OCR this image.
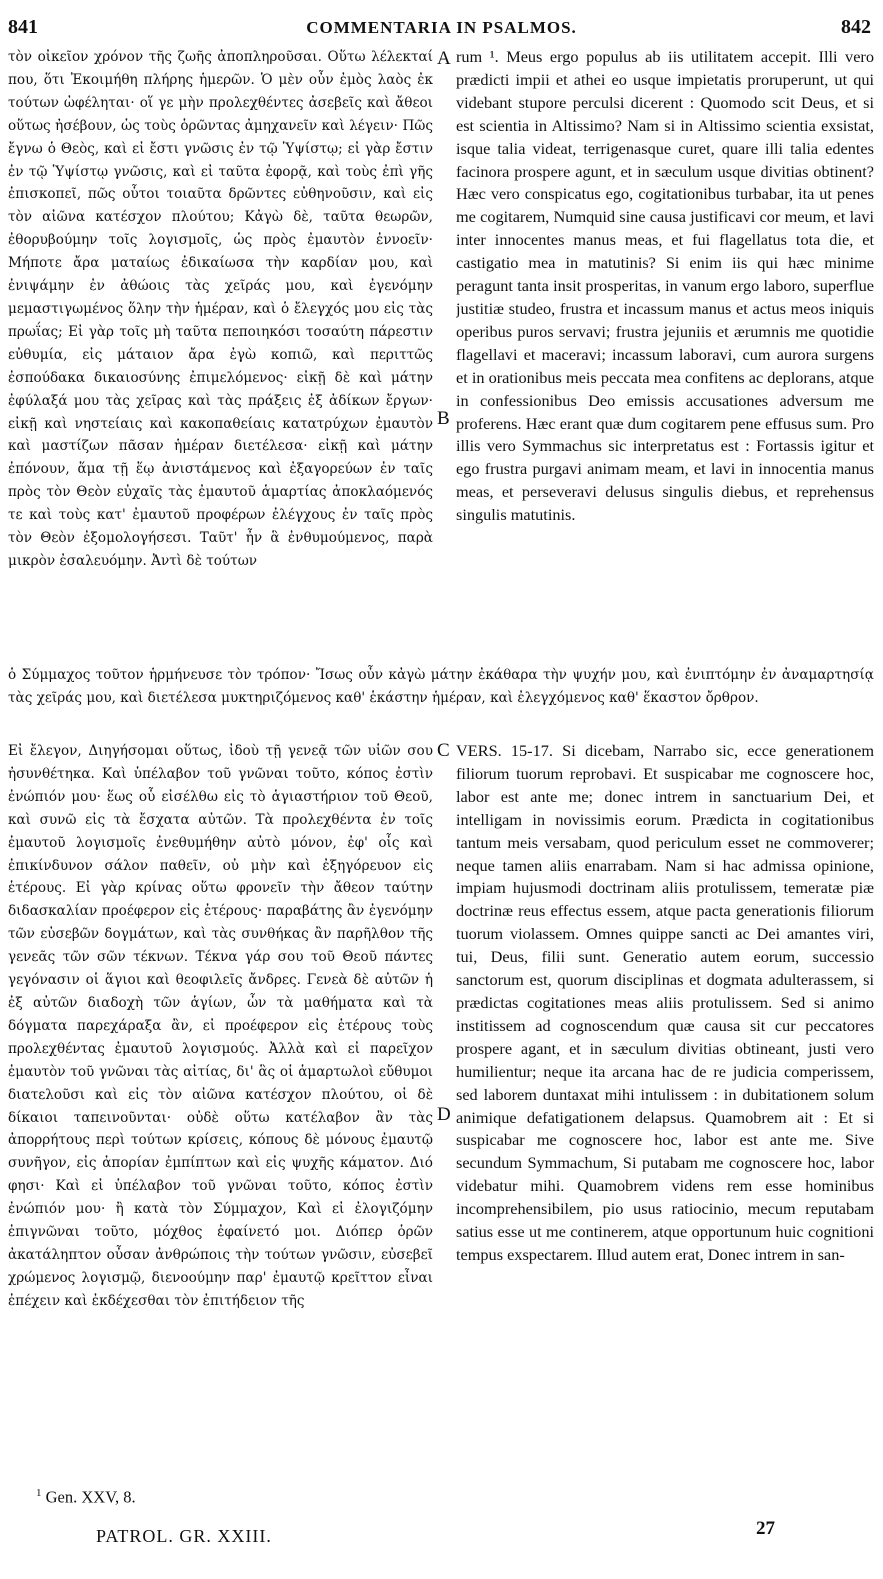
841	COMMENTARIA IN PSALMOS.	842

τὸν οἰκεῖον χρόνον τῆς ζωῆς ἀποπληροῦσαι. Οὕτω λέλεκταί που, ὅτι Ἐκοιμήθη πλήρης ἡμερῶν. Ὁ μὲν οὖν ἐμὸς λαὸς ἐκ τούτων ὠφέληται· οἵ γε μὴν προλεχθέντες ἀσεβεῖς καὶ ἄθεοι οὕτως ἠσέβουν, ὡς τοὺς ὁρῶντας ἀμηχανεῖν καὶ λέγειν· Πῶς ἔγνω ὁ Θεὸς, καὶ εἰ ἔστι γνῶσις ἐν τῷ Ὑψίστῳ; εἰ γὰρ ἔστιν ἐν τῷ Ὑψίστῳ γνῶσις, καὶ εἰ ταῦτα ἐφορᾷ, καὶ τοὺς ἐπὶ γῆς ἐπισκοπεῖ, πῶς οὗτοι τοιαῦτα δρῶντες εὐθηνοῦσιν, καὶ εἰς τὸν αἰῶνα κατέσχον πλούτου; Κἀγὼ δὲ, ταῦτα θεωρῶν, ἐθορυβούμην τοῖς λογισμοῖς, ὡς πρὸς ἐμαυτὸν ἐννοεῖν· Μήποτε ἄρα ματαίως ἐδικαίωσα τὴν καρδίαν μου, καὶ ἐνιψάμην ἐν ἀθώοις τὰς χεῖράς μου, καὶ ἐγενόμην μεμαστιγωμένος ὅλην τὴν ἡμέραν, καὶ ὁ ἔλεγχός μου εἰς τὰς πρωΐας; Εἰ γὰρ τοῖς μὴ ταῦτα πεποιηκόσι τοσαύτη πάρεστιν εὐθυμία, εἰς μάταιον ἄρα ἐγὼ κοπιῶ, καὶ περιττῶς ἐσπούδακα δικαιοσύνης ἐπιμελόμενος· εἰκῇ δὲ καὶ μάτην ἐφύλαξά μου τὰς χεῖρας καὶ τὰς πράξεις ἐξ ἀδίκων ἔργων· εἰκῇ καὶ νηστείαις καὶ κακοπαθείαις κατατρύχων ἐμαυτὸν καὶ μαστίζων πᾶσαν ἡμέραν διετέλεσα· εἰκῇ καὶ μάτην ἐπόνουν, ἅμα τῇ ἕῳ ἀνιστάμενος καὶ ἐξαγορεύων ἐν ταῖς πρὸς τὸν Θεὸν εὐχαῖς τὰς ἐμαυτοῦ ἁμαρτίας ἀποκλαόμενός τε καὶ τοὺς κατ' ἐμαυτοῦ προφέρων ἐλέγχους ἐν ταῖς πρὸς τὸν Θεὸν ἐξομολογήσεσι. Ταῦτ' ἦν ἃ ἐνθυμούμενος, παρὰ μικρὸν ἐσαλευόμην. Ἀντὶ δὲ τούτων

A
B

rum ¹. Meus ergo populus ab iis utilitatem accepit. Illi vero prædicti impii et athei eo usque impietatis proruperunt, ut qui videbant stupore perculsi dicerent : Quomodo scit Deus, et si est scientia in Altissimo? Nam si in Altissimo scientia exsistat, isque talia videat, terrigenasque curet, quare illi talia edentes facinora prospere agunt, et in sæculum usque divitias obtinent? Hæc vero conspicatus ego, cogitationibus turbabar, ita ut penes me cogitarem, Numquid sine causa justificavi cor meum, et lavi inter innocentes manus meas, et fui flagellatus tota die, et castigatio mea in matutinis? Si enim iis qui hæc minime peragunt tanta insit prosperitas, in vanum ergo laboro, superflue justitiæ studeo, frustra et incassum manus et actus meos iniquis operibus puros servavi; frustra jejuniis et ærumnis me quotidie flagellavi et maceravi; incassum laboravi, cum aurora surgens et in orationibus meis peccata mea confitens ac deplorans, atque in confessionibus Deo emissis accusationes adversum me proferens. Hæc erant quæ dum cogitarem pene effusus sum. Pro illis vero Symmachus sic interpretatus est : Fortassis igitur et ego frustra purgavi animam meam, et lavi in innocentia manus meas, et perseveravi delusus singulis diebus, et reprehensus singulis matutinis.

ὁ Σύμμαχος τοῦτον ἡρμήνευσε τὸν τρόπον· Ἴσως οὖν κἀγὼ μάτην ἐκάθαρα τὴν ψυχήν μου, καὶ ἐνιπτόμην ἐν ἀναμαρτησίᾳ τὰς χεῖράς μου, καὶ διετέλεσα μυκτηριζόμενος καθ' ἑκάστην ἡμέραν, καὶ ἐλεγχόμενος καθ' ἕκαστον ὄρθρον.

Εἰ ἔλεγον, Διηγήσομαι οὕτως, ἰδοὺ τῇ γενεᾷ τῶν υἱῶν σου ἠσυνθέτηκα. Καὶ ὑπέλαβον τοῦ γνῶναι τοῦτο, κόπος ἐστὶν ἐνώπιόν μου· ἕως οὗ εἰσέλθω εἰς τὸ ἁγιαστήριον τοῦ Θεοῦ, καὶ συνῶ εἰς τὰ ἔσχατα αὐτῶν. Τὰ προλεχθέντα ἐν τοῖς ἐμαυτοῦ λογισμοῖς ἐνεθυμήθην αὐτὸ μόνον, ἐφ' οἷς καὶ ἐπικίνδυνον σάλον παθεῖν, οὐ μὴν καὶ ἐξηγόρευον εἰς ἑτέρους. Εἰ γὰρ κρίνας οὕτω φρονεῖν τὴν ἄθεον ταύτην διδασκαλίαν προέφερον εἰς ἑτέρους· παραβάτης ἂν ἐγενόμην τῶν εὐσεβῶν δογμάτων, καὶ τὰς συνθήκας ἂν παρῆλθον τῆς γενεᾶς τῶν σῶν τέκνων. Τέκνα γάρ σου τοῦ Θεοῦ πάντες γεγόνασιν οἱ ἅγιοι καὶ θεοφιλεῖς ἄνδρες. Γενεὰ δὲ αὐτῶν ἡ ἐξ αὐτῶν διαδοχὴ τῶν ἁγίων, ὧν τὰ μαθήματα καὶ τὰ δόγματα παρεχάραξα ἂν, εἰ προέφερον εἰς ἑτέρους τοὺς προλεχθέντας ἐμαυτοῦ λογισμούς. Ἀλλὰ καὶ εἰ παρεῖχον ἐμαυτὸν τοῦ γνῶναι τὰς αἰτίας, δι' ἃς οἱ ἁμαρτωλοὶ εὔθυμοι διατελοῦσι καὶ εἰς τὸν αἰῶνα κατέσχον πλούτου, οἱ δὲ δίκαιοι ταπεινοῦνται· οὐδὲ οὕτω κατέλαβον ἂν τὰς ἀπορρήτους περὶ τούτων κρίσεις, κόπους δὲ μόνους ἐμαυτῷ συνῆγον, εἰς ἀπορίαν ἐμπίπτων καὶ εἰς ψυχῆς κάματον. Διό φησι· Καὶ εἰ ὑπέλαβον τοῦ γνῶναι τοῦτο, κόπος ἐστὶν ἐνώπιόν μου· ἢ κατὰ τὸν Σύμμαχον, Καὶ εἰ ἐλογιζόμην ἐπιγνῶναι τοῦτο, μόχθος ἐφαίνετό μοι. Διόπερ ὁρῶν ἀκατάληπτον οὖσαν ἀνθρώποις τὴν τούτων γνῶσιν, εὐσεβεῖ χρώμενος λογισμῷ, διενοούμην παρ' ἐμαυτῷ κρεῖττον εἶναι ἐπέχειν καὶ ἐκδέχεσθαι τὸν ἐπιτήδειον τῆς

C
D

VERS. 15-17. Si dicebam, Narrabo sic, ecce generationem filiorum tuorum reprobavi. Et suspicabar me cognoscere hoc, labor est ante me; donec intrem in sanctuarium Dei, et intelligam in novissimis eorum. Prædicta in cogitationibus tantum meis versabam, quod periculum esset ne commoverer; neque tamen aliis enarrabam. Nam si hac admissa opinione, impiam hujusmodi doctrinam aliis protulissem, temeratæ piæ doctrinæ reus effectus essem, atque pacta generationis filiorum tuorum violassem. Omnes quippe sancti ac Dei amantes viri, tui, Deus, filii sunt. Generatio autem eorum, successio sanctorum est, quorum disciplinas et dogmata adulterassem, si prædictas cogitationes meas aliis protulissem. Sed si animo institissem ad cognoscendum quæ causa sit cur peccatores prospere agant, et in sæculum divitias obtineant, justi vero humilientur; neque ita arcana hac de re judicia comperissem, sed laborem duntaxat mihi intulissem : in dubitationem solum animique defatigationem delapsus. Quamobrem ait : Et si suspicabar me cognoscere hoc, labor est ante me. Sive secundum Symmachum, Si putabam me cognoscere hoc, labor videbatur mihi. Quamobrem videns rem esse hominibus incomprehensibilem, pio usus ratiocinio, mecum reputabam satius esse ut me continerem, atque opportunum huic cognitioni tempus exspectarem. Illud autem erat, Donec intrem in san-

$^1$ Gen. XXV, 8.
PATROL. GR. XXIII.	27
